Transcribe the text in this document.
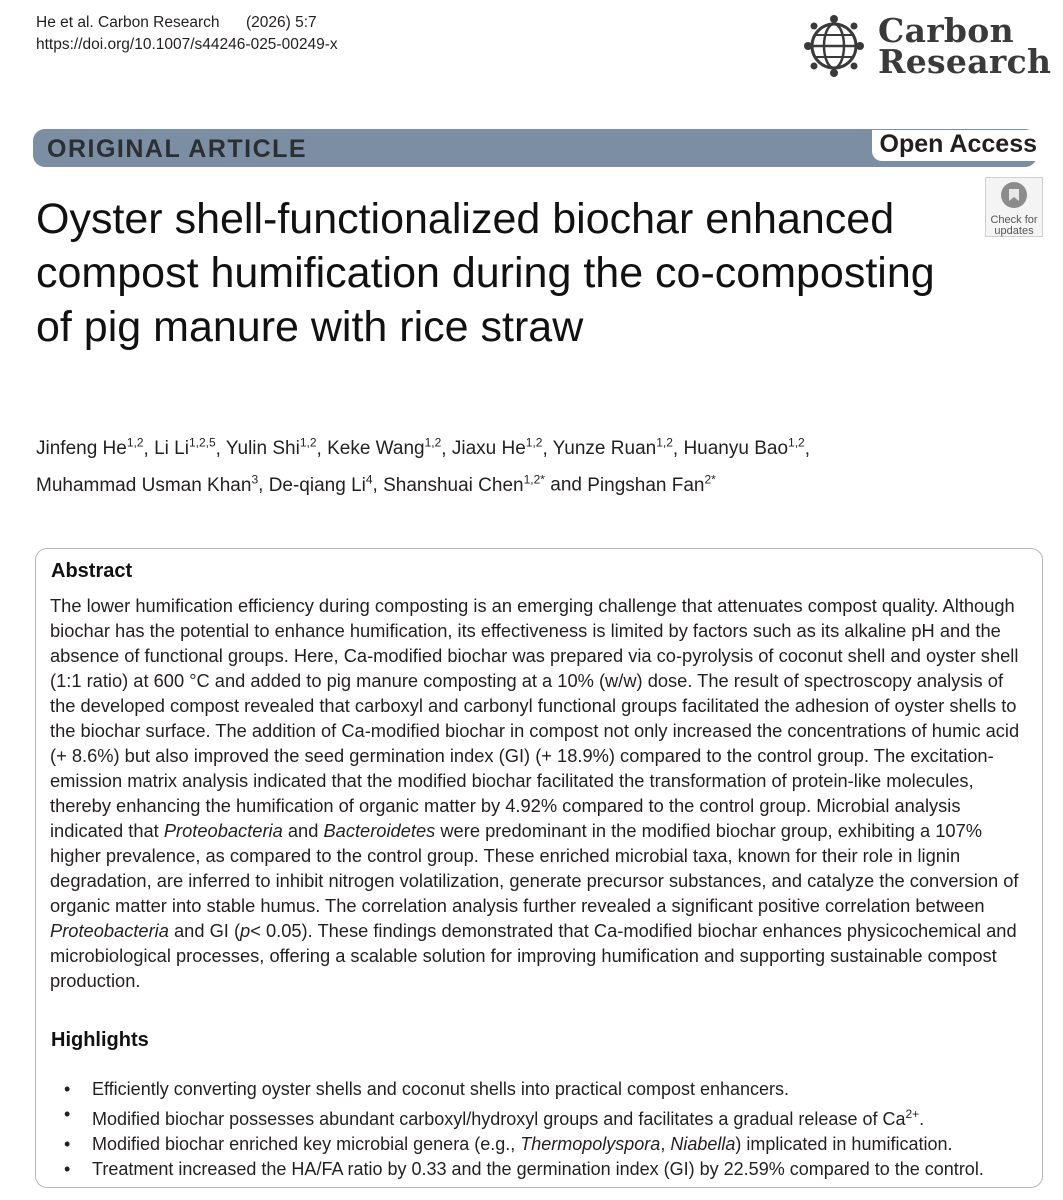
He et al. Carbon Research (2026) 5:7
https://doi.org/10.1007/s44246-025-00249-x	Carbon
Research
ORIGINAL ARTICLE	Open Access
Check for
updates
Oyster shell-functionalized biochar enhanced compost humification during the co-composting of pig manure with rice straw
Jinfeng He$^{1,2}$, Li Li$^{1,2,5}$, Yulin Shi$^{1,2}$, Keke Wang$^{1,2}$, Jiaxu He$^{1,2}$, Yunze Ruan$^{1,2}$, Huanyu Bao$^{1,2}$,
Muhammad Usman Khan$^3$, De-qiang Li$^4$, Shanshuai Chen$^{1,2*}$ and Pingshan Fan$^{2*}$
Abstract
The lower humification efficiency during composting is an emerging challenge that attenuates compost quality. Although biochar has the potential to enhance humification, its effectiveness is limited by factors such as its alkaline pH and the absence of functional groups. Here, Ca-modified biochar was prepared via co-pyrolysis of coconut shell and oyster shell (1:1 ratio) at 600 °C and added to pig manure composting at a 10% (w/w) dose. The result of spectroscopy analysis of the developed compost revealed that carboxyl and carbonyl functional groups facilitated the adhesion of oyster shells to the biochar surface. The addition of Ca-modified biochar in compost not only increased the concentrations of humic acid (+ 8.6%) but also improved the seed germination index (GI) (+ 18.9%) compared to the control group. The excitation-emission matrix analysis indicated that the modified biochar facilitated the transformation of protein-like molecules, thereby enhancing the humification of organic matter by 4.92% compared to the control group. Microbial analysis indicated that Proteobacteria and Bacteroidetes were predominant in the modified biochar group, exhibiting a 107% higher prevalence, as compared to the control group. These enriched microbial taxa, known for their role in lignin degradation, are inferred to inhibit nitrogen volatilization, generate precursor substances, and catalyze the conversion of organic matter into stable humus. The correlation analysis further revealed a significant positive correlation between Proteobacteria and GI (p< 0.05). These findings demonstrated that Ca-modified biochar enhances physicochemical and microbiological processes, offering a scalable solution for improving humification and supporting sustainable compost production.
Highlights
• Efficiently converting oyster shells and coconut shells into practical compost enhancers.
• Modified biochar possesses abundant carboxyl/hydroxyl groups and facilitates a gradual release of $Ca^{2+}$.
• Modified biochar enriched key microbial genera (e.g., Thermopolyspora, Niabella) implicated in humification.
• Treatment increased the HA/FA ratio by 0.33 and the germination index (GI) by 22.59% compared to the control.
